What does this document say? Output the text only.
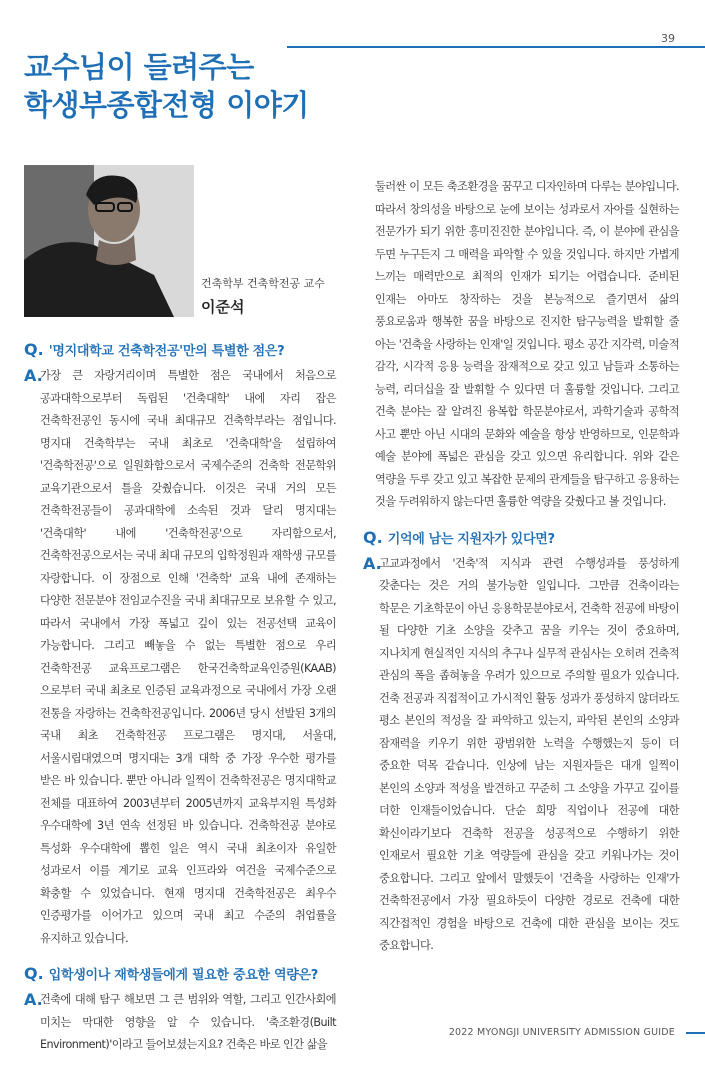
39
교수님이 들려주는
학생부종합전형 이야기
건축학부 건축학전공 교수
이준석
Q. '명지대학교 건축학전공'만의 특별한 점은?
A.
가장 큰 자랑거리이며 특별한 점은 국내에서 처음으로 공과대학으로부터 독립된 '건축대학' 내에 자리 잡은 건축학전공인 동시에 국내 최대규모 건축학부라는 점입니다. 명지대 건축학부는 국내 최초로 '건축대학'을 설립하여 '건축학전공'으로 일원화함으로서 국제수준의 건축학 전문학위 교육기관으로서 틀을 갖췄습니다. 이것은 국내 거의 모든 건축학전공들이 공과대학에 소속된 것과 달리 명지대는 '건축대학' 내에 '건축학전공'으로 자리함으로서, 건축학전공으로서는 국내 최대 규모의 입학정원과 재학생 규모를 자랑합니다. 이 장점으로 인해 '건축학' 교육 내에 존재하는 다양한 전문분야 전임교수진을 국내 최대규모로 보유할 수 있고, 따라서 국내에서 가장 폭넓고 깊이 있는 전공선택 교육이 가능합니다. 그리고 빼놓을 수 없는 특별한 점으로 우리 건축학전공 교육프로그램은 한국건축학교육인증원(KAAB)으로부터 국내 최초로 인증된 교육과정으로 국내에서 가장 오랜 전통을 자랑하는 건축학전공입니다. 2006년 당시 선발된 3개의 국내 최초 건축학전공 프로그램은 명지대, 서울대, 서울시립대였으며 명지대는 3개 대학 중 가장 우수한 평가를 받은 바 있습니다. 뿐만 아니라 일찍이 건축학전공은 명지대학교 전체를 대표하여 2003년부터 2005년까지 교육부지원 특성화 우수대학에 3년 연속 선정된 바 있습니다. 건축학전공 분야로 특성화 우수대학에 뽑힌 일은 역시 국내 최초이자 유일한 성과로서 이를 계기로 교육 인프라와 여건을 국제수준으로 확충할 수 있었습니다. 현재 명지대 건축학전공은 최우수 인증평가를 이어가고 있으며 국내 최고 수준의 취업률을 유지하고 있습니다.
Q. 입학생이나 재학생들에게 필요한 중요한 역량은?
A.
건축에 대해 탐구 해보면 그 큰 범위와 역할, 그리고 인간사회에 미치는 막대한 영향을 알 수 있습니다. '축조환경(Built Environment)'이라고 들어보셨는지요? 건축은 바로 인간 삶을

둘러싼 이 모든 축조환경을 꿈꾸고 디자인하며 다루는 분야입니다. 따라서 창의성을 바탕으로 눈에 보이는 성과로서 자아를 실현하는 전문가가 되기 위한 흥미진진한 분야입니다. 즉, 이 분야에 관심을 두면 누구든지 그 매력을 파악할 수 있을 것입니다. 하지만 가볍게 느끼는 매력만으로 최적의 인재가 되기는 어렵습니다. 준비된 인재는 아마도 창작하는 것을 본능적으로 즐기면서 삶의 풍요로움과 행복한 꿈을 바탕으로 진지한 탐구능력을 발휘할 줄 아는 '건축을 사랑하는 인재'일 것입니다. 평소 공간 지각력, 미술적 감각, 시각적 응용 능력을 잠재적으로 갖고 있고 남들과 소통하는 능력, 리더십을 잘 발휘할 수 있다면 더 훌륭할 것입니다. 그리고 건축 분야는 잘 알려진 융복합 학문분야로서, 과학기술과 공학적 사고 뿐만 아닌 시대의 문화와 예술을 항상 반영하므로, 인문학과 예술 분야에 폭넓은 관심을 갖고 있으면 유리합니다. 위와 같은 역량을 두루 갖고 있고 복잡한 문제의 관계들을 탐구하고 응용하는 것을 두려워하지 않는다면 훌륭한 역량을 갖췄다고 볼 것입니다.

Q. 기억에 남는 지원자가 있다면?
A.
고교과정에서 '건축'적 지식과 관련 수행성과를 풍성하게 갖춘다는 것은 거의 불가능한 일입니다. 그만큼 건축이라는 학문은 기초학문이 아닌 응용학문분야로서, 건축학 전공에 바탕이 될 다양한 기초 소양을 갖추고 꿈을 키우는 것이 중요하며, 지나치게 현실적인 지식의 추구나 실무적 관심사는 오히려 건축적 관심의 폭을 좁혀놓을 우려가 있으므로 주의할 필요가 있습니다. 건축 전공과 직접적이고 가시적인 활동 성과가 풍성하지 않더라도 평소 본인의 적성을 잘 파악하고 있는지, 파악된 본인의 소양과 잠재력을 키우기 위한 광범위한 노력을 수행했는지 등이 더 중요한 덕목 같습니다. 인상에 남는 지원자들은 대개 일찍이 본인의 소양과 적성을 발견하고 꾸준히 그 소양을 가꾸고 깊이를 더한 인재들이었습니다. 단순 희망 직업이나 전공에 대한 확신이라기보다 건축학 전공을 성공적으로 수행하기 위한 인재로서 필요한 기초 역량들에 관심을 갖고 키워나가는 것이 중요합니다. 그리고 앞에서 말했듯이 '건축을 사랑하는 인재'가 건축학전공에서 가장 필요하듯이 다양한 경로로 건축에 대한 직간접적인 경험을 바탕으로 건축에 대한 관심을 보이는 것도 중요합니다.
2022 MYONGJI UNIVERSITY ADMISSION GUIDE
